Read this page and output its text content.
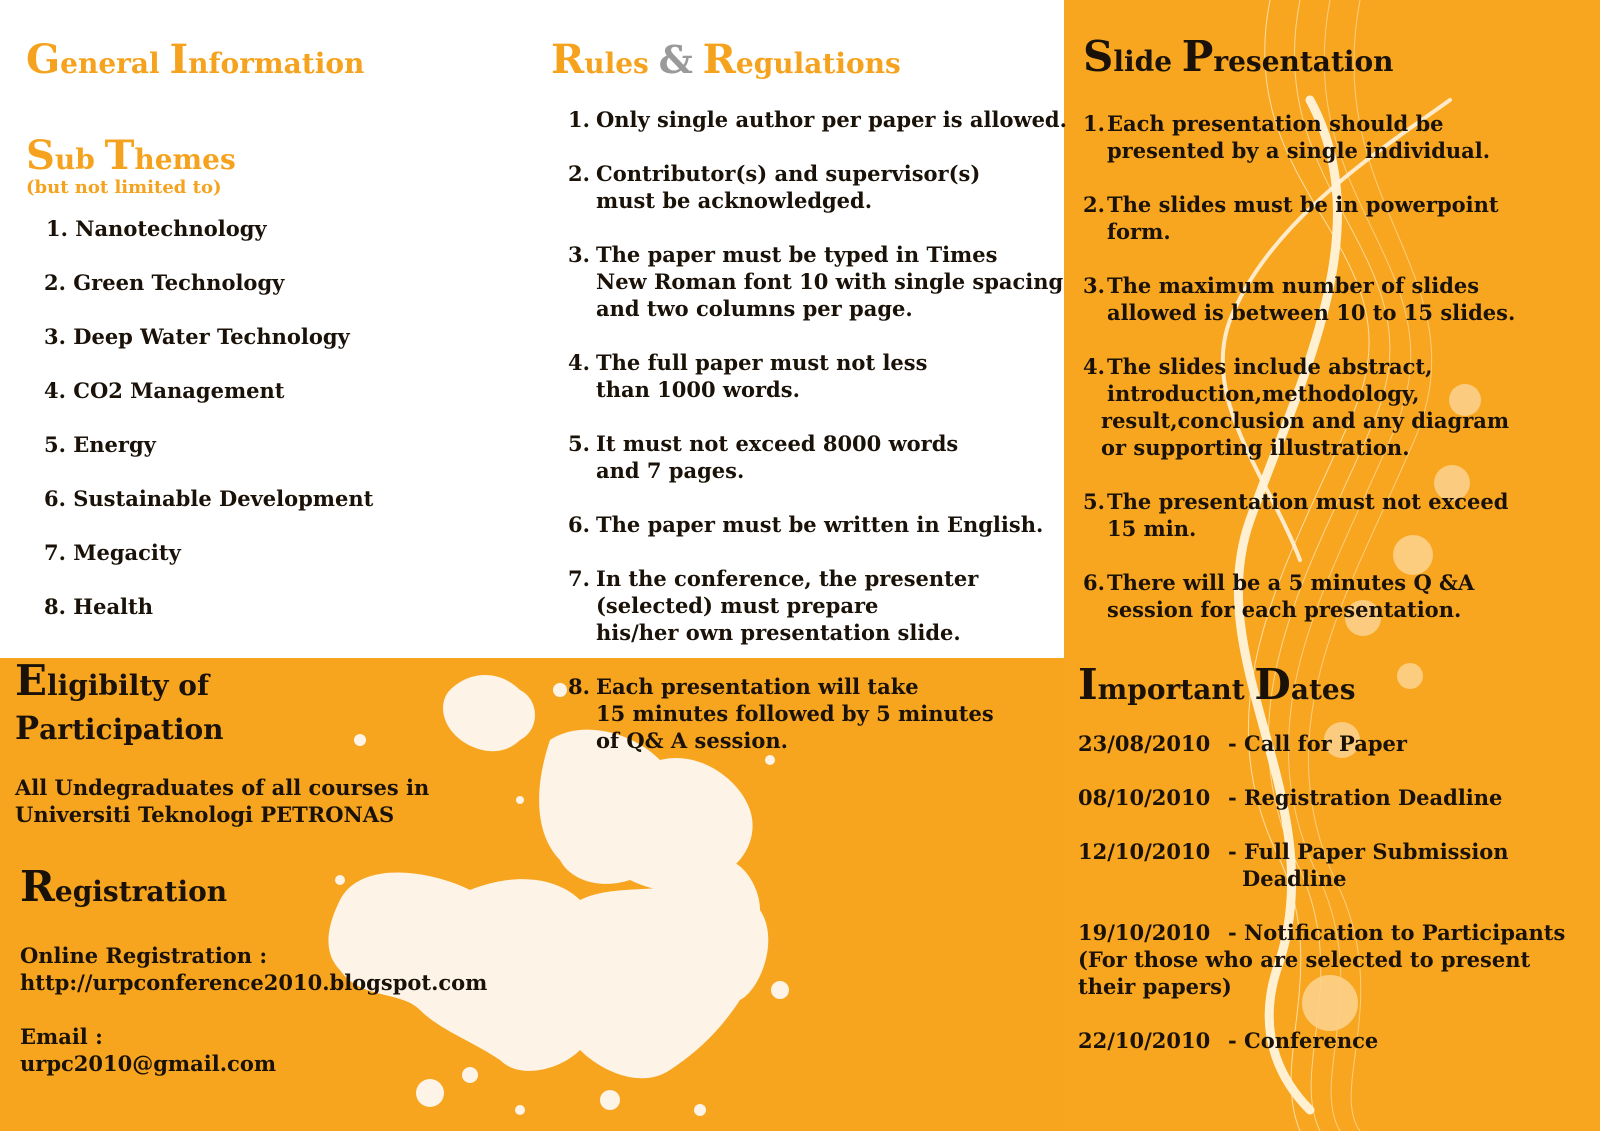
General Information
Sub Themes
(but not limited to)
1. Nanotechnology
2. Green Technology
3. Deep Water Technology
4. CO2 Management
5. Energy
6. Sustainable Development
7. Megacity
8. Health
Rules & Regulations
1. Only single author per paper is allowed.
2. Contributor(s) and supervisor(s)
must be acknowledged.
3. The paper must be typed in Times
New Roman font 10 with single spacing
and two columns per page.
4. The full paper must not less
than 1000 words.
5. It must not exceed 8000 words
and 7 pages.
6. The paper must be written in English.
7. In the conference, the presenter
(selected) must prepare
his/her own presentation slide.
8. Each presentation will take
15 minutes followed by 5 minutes
of Q& A session.
Slide Presentation
1. Each presentation should be
presented by a single individual.
2. The slides must be in powerpoint
form.
3. The maximum number of slides
allowed is between 10 to 15 slides.
4. The slides include abstract,
introduction,methodology,
result,conclusion and any diagram
or supporting illustration.
5. The presentation must not exceed
15 min.
6. There will be a 5 minutes Q &A
session for each presentation.
Eligibilty of
Participation
All Undegraduates of all courses in
Universiti Teknologi PETRONAS
Registration
Online Registration :
http://urpconference2010.blogspot.com
Email :
urpc2010@gmail.com
Important Dates
23/08/2010 - Call for Paper
08/10/2010 - Registration Deadline
12/10/2010 - Full Paper Submission
Deadline
19/10/2010 - Notification to Participants
(For those who are selected to present
their papers)
22/10/2010 - Conference
